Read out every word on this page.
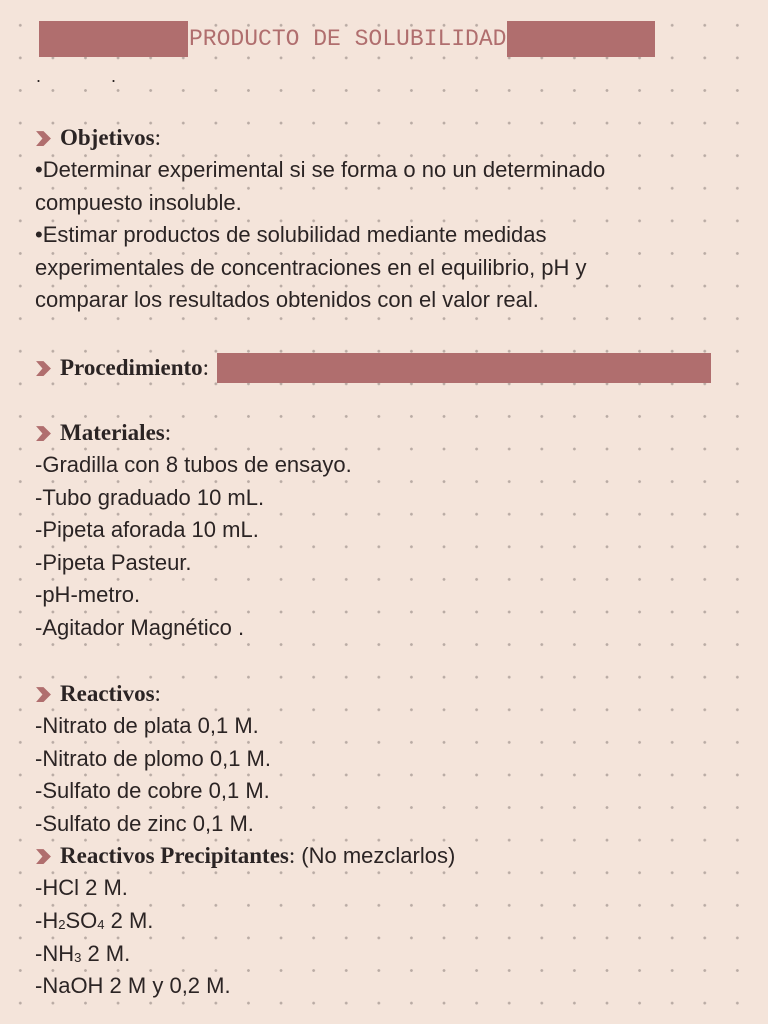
PRODUCTO DE SOLUBILIDAD
.              .
Objetivos :
•Determinar experimental si se forma o no un determinado
compuesto insoluble.
•Estimar productos de solubilidad mediante medidas
experimentales de concentraciones en el equilibrio, pH y
comparar los resultados obtenidos con el valor real.
Procedimiento :
Materiales :
-Gradilla con 8 tubos de ensayo.
-Tubo graduado 10 mL.
-Pipeta aforada 10 mL.
-Pipeta Pasteur.
-pH-metro.
-Agitador Magnético .
Reactivos :
-Nitrato de plata 0,1 M.
-Nitrato de plomo 0,1 M.
-Sulfato de cobre 0,1 M.
-Sulfato de zinc 0,1 M.
Reactivos Precipitantes : (No mezclarlos)
-HCl 2 M.
$-H_2SO_4$ 2 M.
$-NH_3$ 2 M.
-NaOH 2 M y 0,2 M.
